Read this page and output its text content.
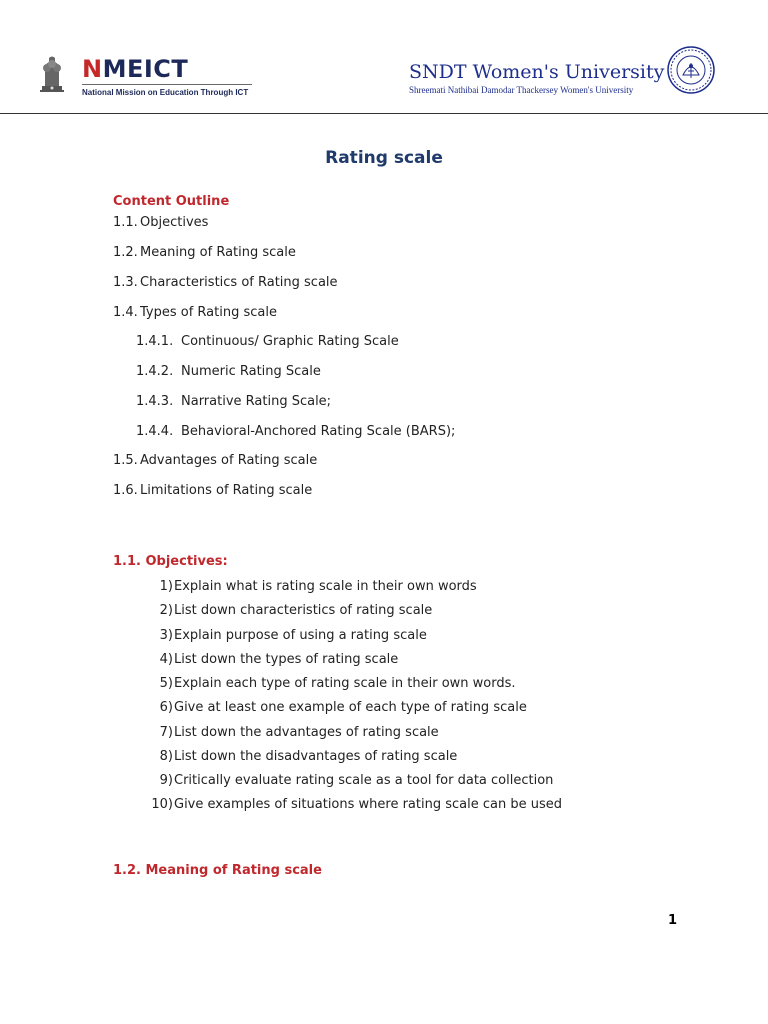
NMEICT
National Mission on Education Through ICT
SNDT Women's University
Shreemati Nathibai Damodar Thackersey Women's University
Rating scale
Content Outline
1.1. Objectives
1.2. Meaning of Rating scale
1.3. Characteristics of Rating scale
1.4. Types of Rating scale
1.4.1. Continuous/ Graphic Rating Scale
1.4.2. Numeric Rating Scale
1.4.3. Narrative Rating Scale;
1.4.4. Behavioral-Anchored Rating Scale (BARS);
1.5. Advantages of Rating scale
1.6. Limitations of Rating scale
1.1. Objectives:
1)Explain what is rating scale in their own words
2)List down characteristics of rating scale
3)Explain purpose of using a rating scale
4)List down the types of rating scale
5)Explain each type of rating scale in their own words.
6)Give at least one example of each type of rating scale
7)List down the advantages of rating scale
8)List down the disadvantages of rating scale
9)Critically evaluate rating scale as a tool for data collection
10)Give examples of situations where rating scale can be used
1.2. Meaning of Rating scale
1
